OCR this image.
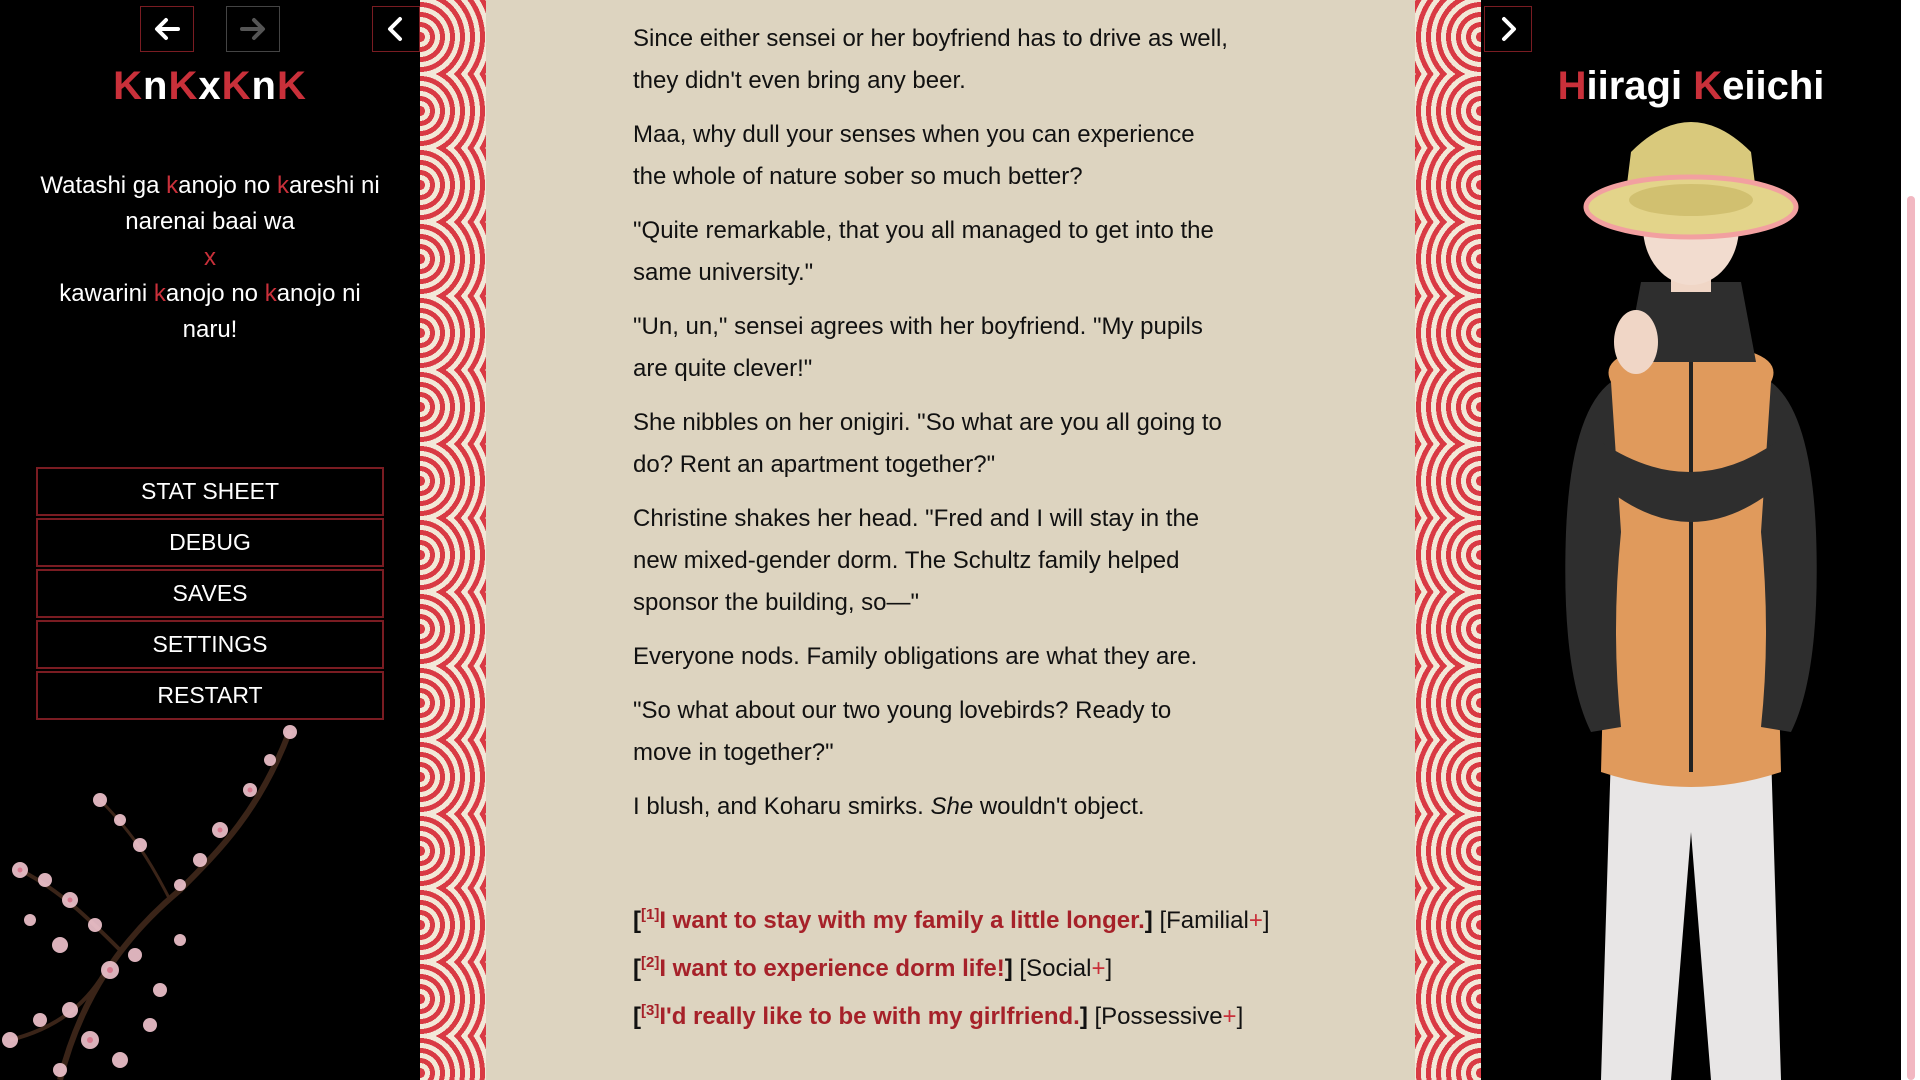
KnKxKnK
Watashi ga kanojo no kareshi ni
narenai baai wa
x
kawarini kanojo no kanojo ni
naru!
STAT SHEET
DEBUG
SAVES
SETTINGS
RESTART

Since either sensei or her boyfriend has to drive as well, they didn't even bring any beer.

Maa, why dull your senses when you can experience the whole of nature sober so much better?

"Quite remarkable, that you all managed to get into the same university."

"Un, un," sensei agrees with her boyfriend. "My pupils are quite clever!"

She nibbles on her onigiri. "So what are you all going to do? Rent an apartment together?"

Christine shakes her head. "Fred and I will stay in the new mixed-gender dorm. The Schultz family helped sponsor the building, so—"

Everyone nods. Family obligations are what they are.

"So what about our two young lovebirds? Ready to move in together?"

I blush, and Koharu smirks. She wouldn't object.

[[1]I want to stay with my family a little longer.] [Familial+]
[[2]I want to experience dorm life!] [Social+]
[[3]I'd really like to be with my girlfriend.] [Possessive+]
Hiiragi Keiichi
